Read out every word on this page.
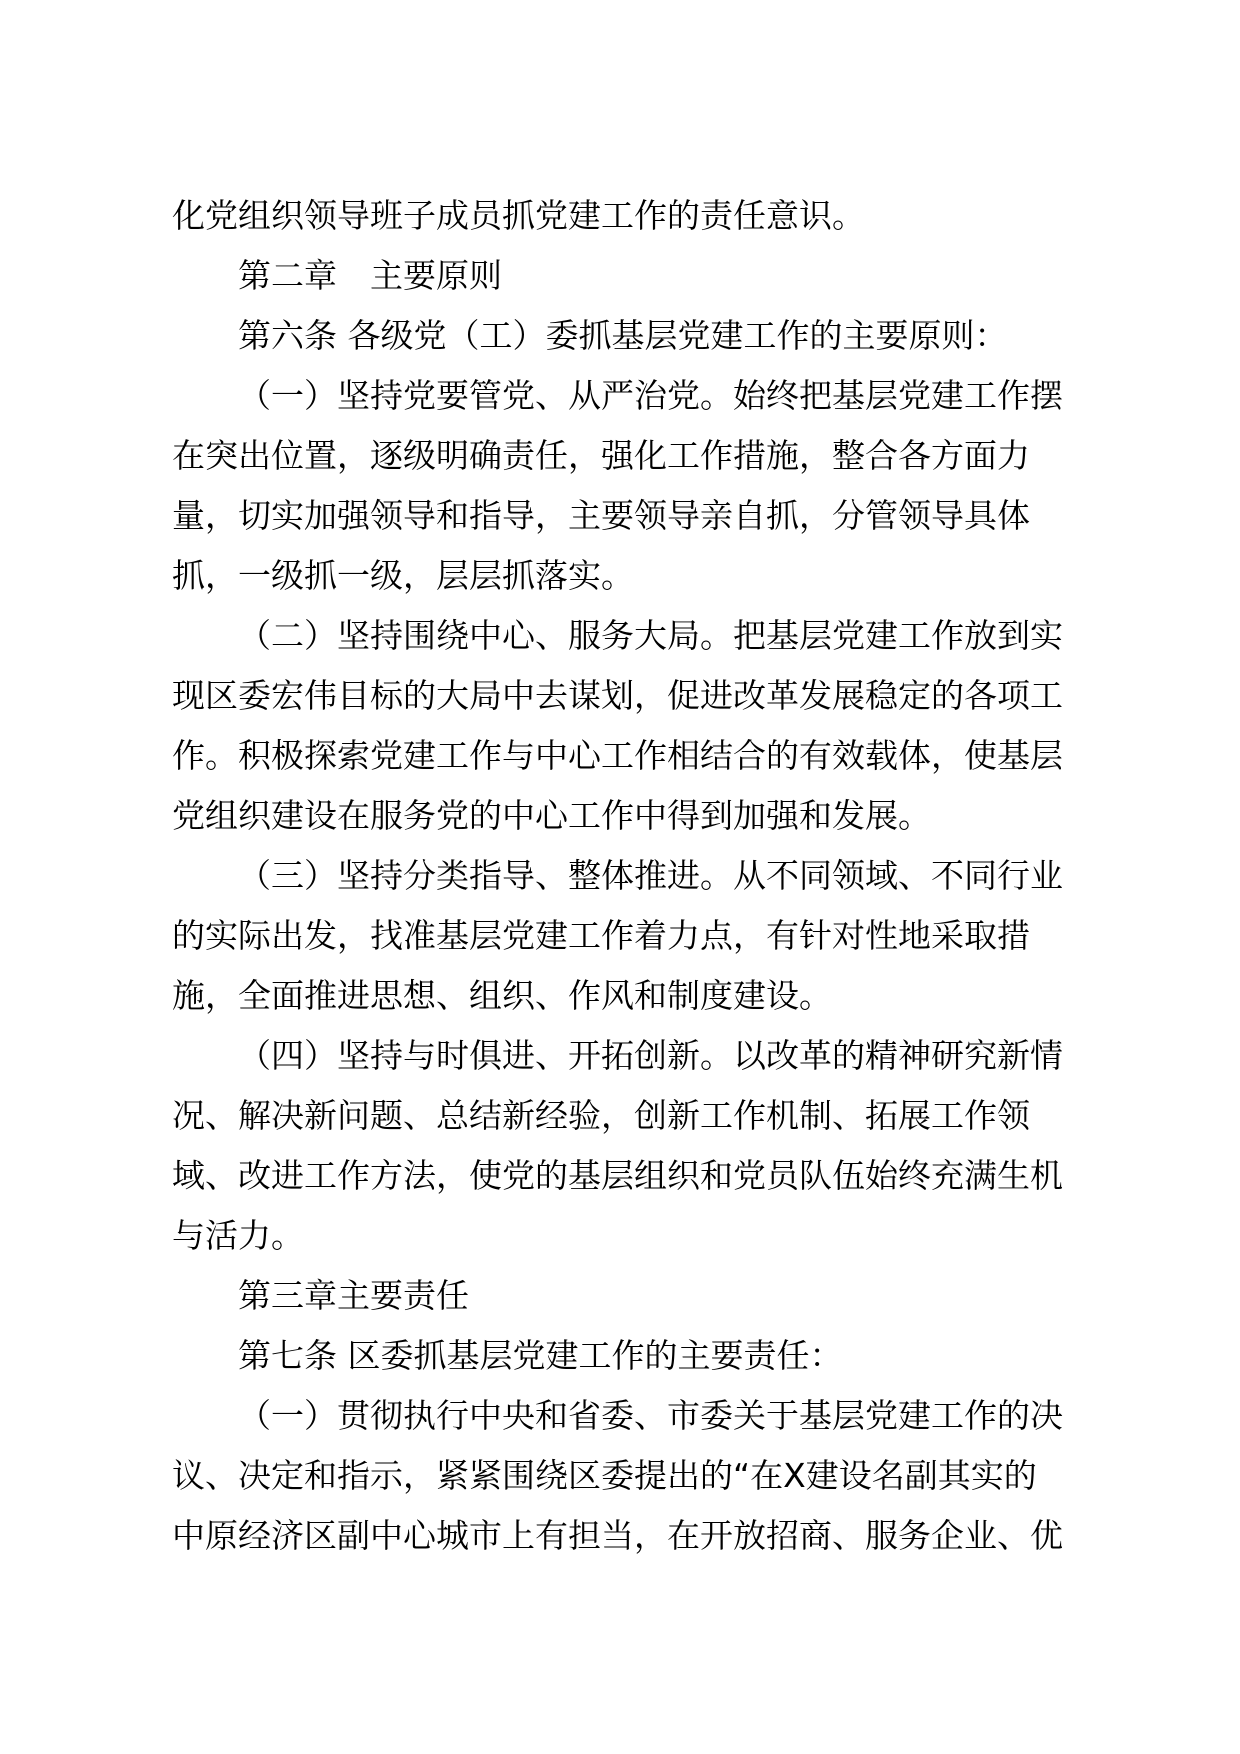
化党组织领导班子成员抓党建工作的责任意识。
第二章　主要原则
第六条 各级党（工）委抓基层党建工作的主要原则：
（一）坚持党要管党、从严治党。始终把基层党建工作摆
在突出位置，逐级明确责任，强化工作措施，整合各方面力
量，切实加强领导和指导，主要领导亲自抓，分管领导具体
抓，一级抓一级，层层抓落实。
（二）坚持围绕中心、服务大局。把基层党建工作放到实
现区委宏伟目标的大局中去谋划，促进改革发展稳定的各项工
作。积极探索党建工作与中心工作相结合的有效载体，使基层
党组织建设在服务党的中心工作中得到加强和发展。
（三）坚持分类指导、整体推进。从不同领域、不同行业
的实际出发，找准基层党建工作着力点，有针对性地采取措
施，全面推进思想、组织、作风和制度建设。
（四）坚持与时俱进、开拓创新。以改革的精神研究新情
况、解决新问题、总结新经验，创新工作机制、拓展工作领
域、改进工作方法，使党的基层组织和党员队伍始终充满生机
与活力。
第三章主要责任
第七条 区委抓基层党建工作的主要责任：
（一）贯彻执行中央和省委、市委关于基层党建工作的决
议、决定和指示，紧紧围绕区委提出的“在X建设名副其实的
中原经济区副中心城市上有担当，在开放招商、服务企业、优
